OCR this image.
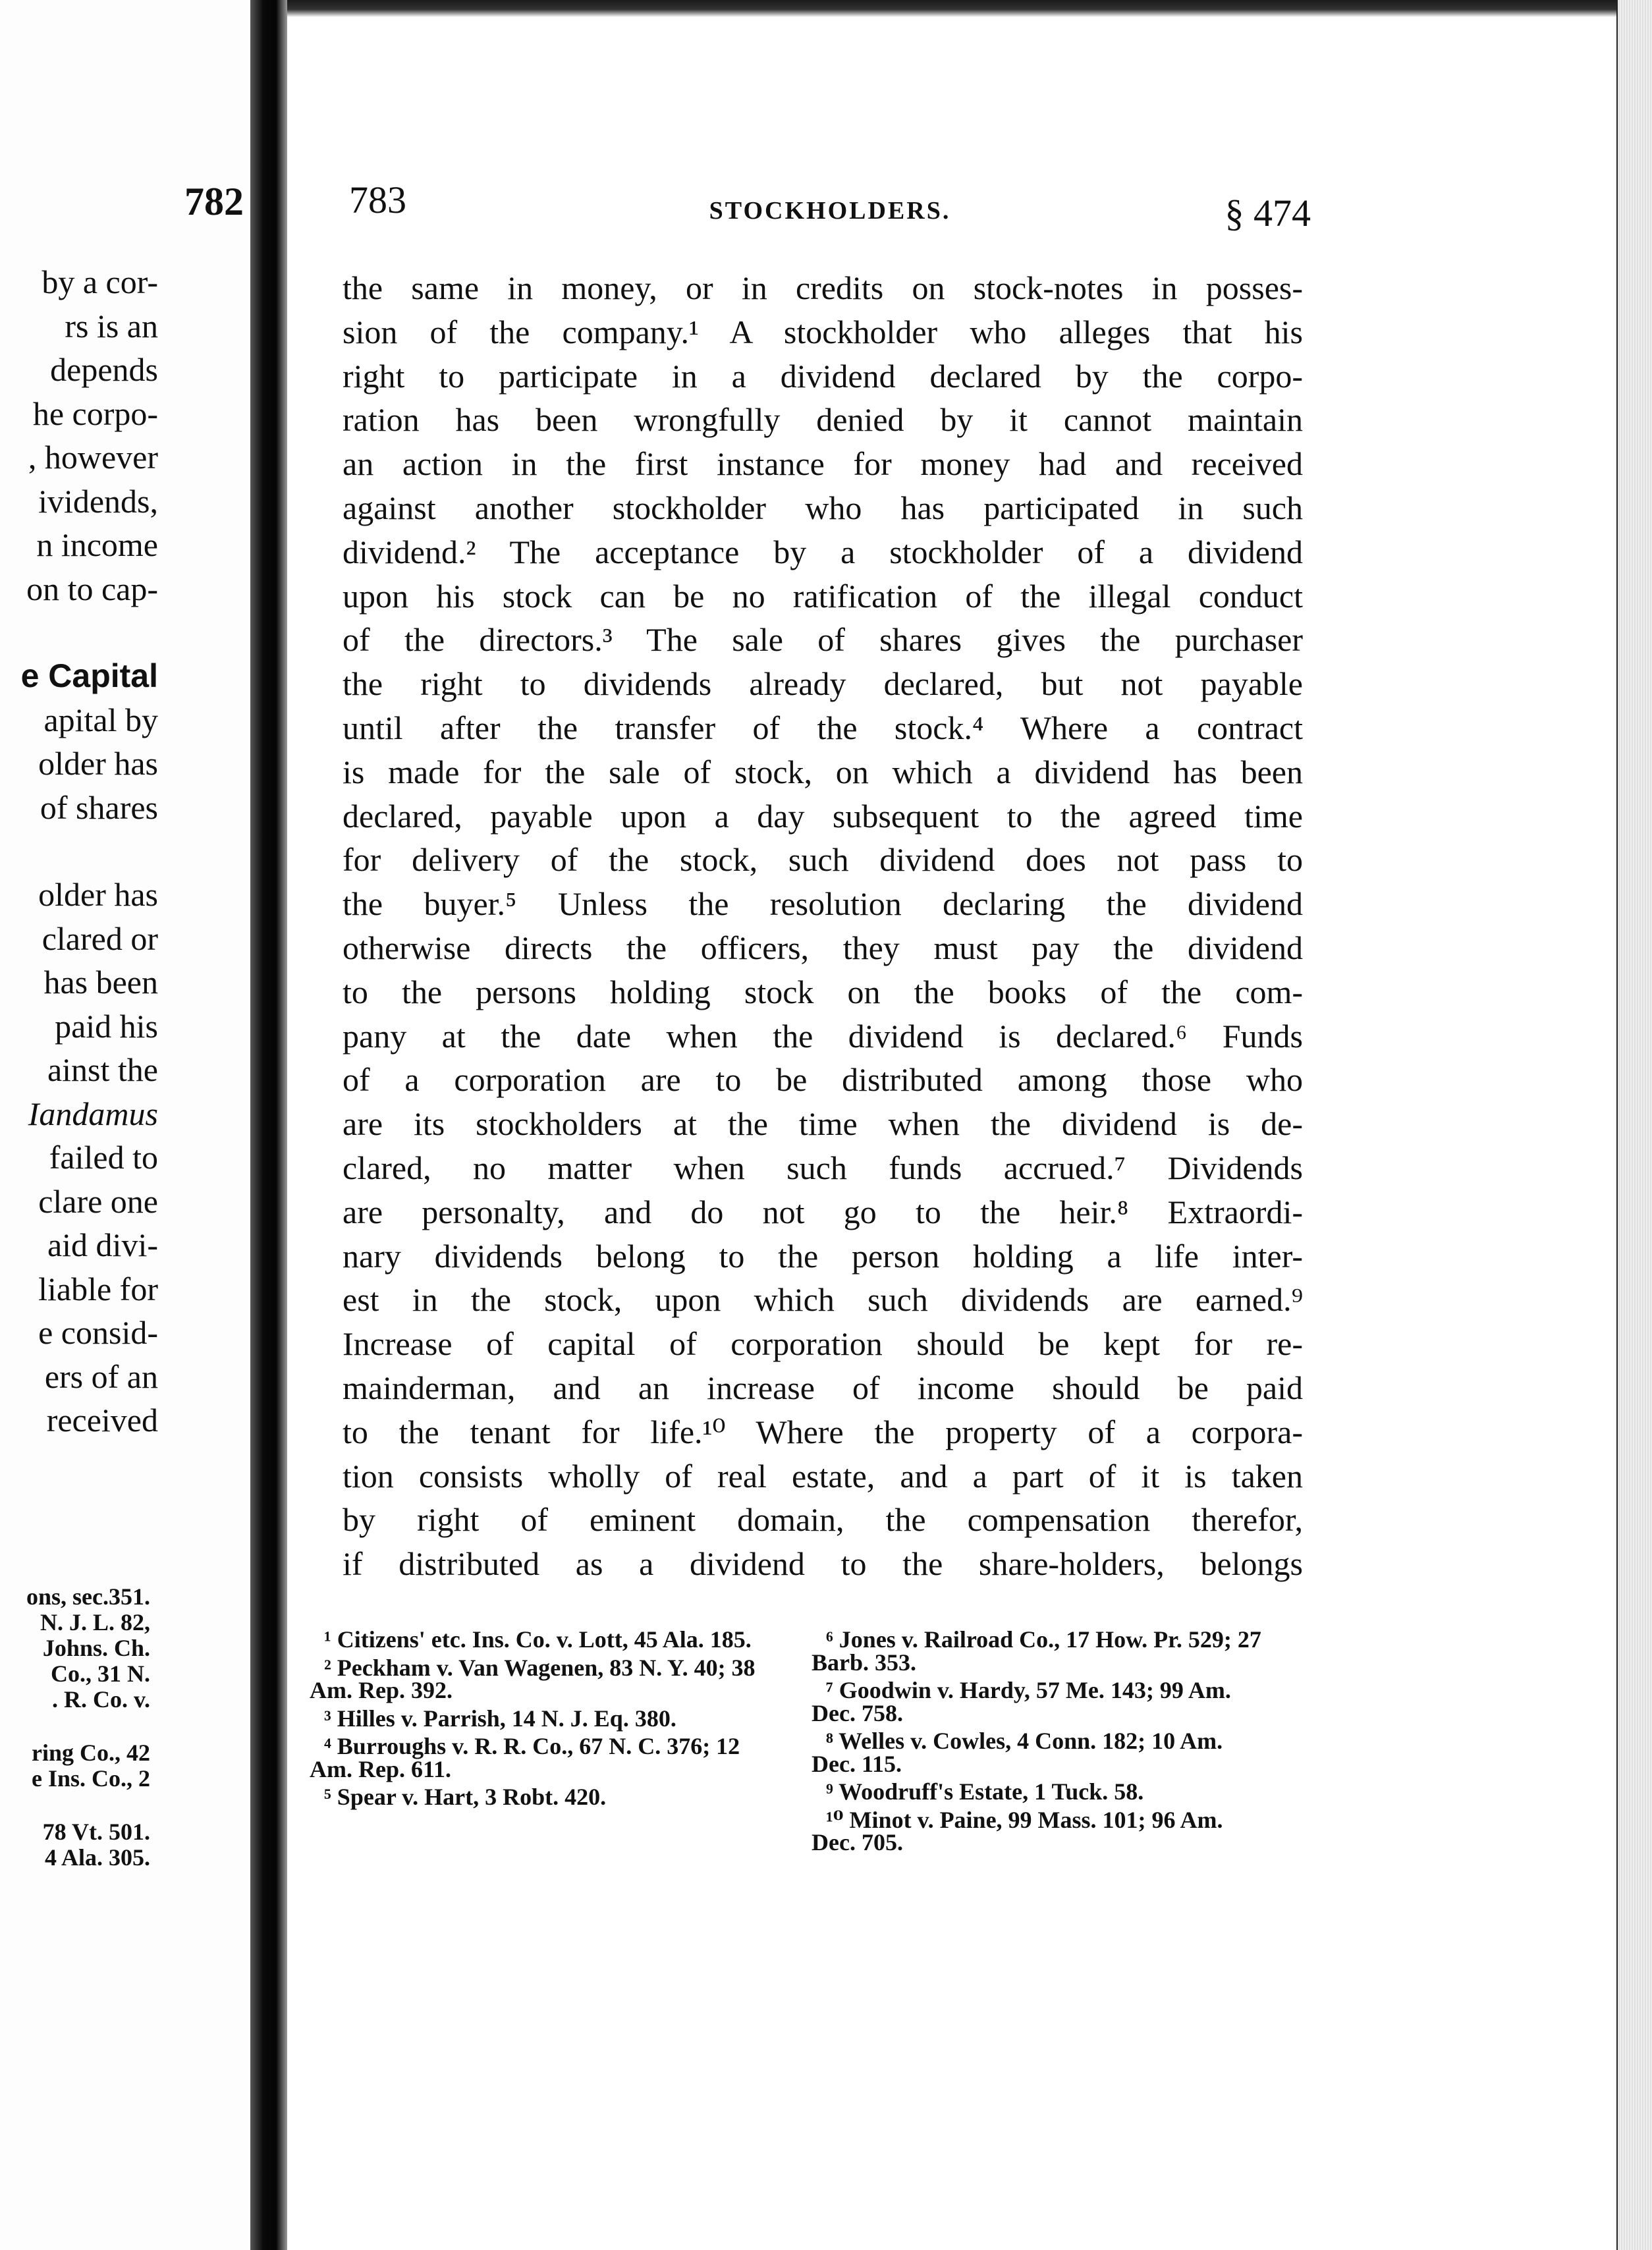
782
by a cor-
rs is an
depends
he corpo-
, however
ividends,
n income
on to cap-
e Capital
apital by
older has
of shares
older has
clared or
has been
paid his
ainst the
Iandamus
failed to
clare one
aid divi-
liable for
e consid-
ers of an
received
ons, sec.351.
N. J. L. 82,
Johns. Ch.
Co., 31 N.
. R. Co. v.
ring Co., 42
e Ins. Co., 2
78 Vt. 501.
4 Ala. 305.
783	STOCKHOLDERS.	§ 474
the same in money, or in credits on stock-notes in posses-
sion of the company.¹ A stockholder who alleges that his
right to participate in a dividend declared by the corpo-
ration has been wrongfully denied by it cannot maintain
an action in the first instance for money had and received
against another stockholder who has participated in such
dividend.² The acceptance by a stockholder of a dividend
upon his stock can be no ratification of the illegal conduct
of the directors.³ The sale of shares gives the purchaser
the right to dividends already declared, but not payable
until after the transfer of the stock.⁴ Where a contract
is made for the sale of stock, on which a dividend has been
declared, payable upon a day subsequent to the agreed time
for delivery of the stock, such dividend does not pass to
the buyer.⁵ Unless the resolution declaring the dividend
otherwise directs the officers, they must pay the dividend
to the persons holding stock on the books of the com-
pany at the date when the dividend is declared.⁶ Funds
of a corporation are to be distributed among those who
are its stockholders at the time when the dividend is de-
clared, no matter when such funds accrued.⁷ Dividends
are personalty, and do not go to the heir.⁸ Extraordi-
nary dividends belong to the person holding a life inter-
est in the stock, upon which such dividends are earned.⁹
Increase of capital of corporation should be kept for re-
mainderman, and an increase of income should be paid
to the tenant for life.¹⁰ Where the property of a corpora-
tion consists wholly of real estate, and a part of it is taken
by right of eminent domain, the compensation therefor,
if distributed as a dividend to the share-holders, belongs
¹ Citizens' etc. Ins. Co. v. Lott, 45 Ala. 185.
² Peckham v. Van Wagenen, 83 N. Y. 40; 38 Am. Rep. 392.
³ Hilles v. Parrish, 14 N. J. Eq. 380.
⁴ Burroughs v. R. R. Co., 67 N. C. 376; 12 Am. Rep. 611.
⁵ Spear v. Hart, 3 Robt. 420.
⁶ Jones v. Railroad Co., 17 How. Pr. 529; 27 Barb. 353.
⁷ Goodwin v. Hardy, 57 Me. 143; 99 Am. Dec. 758.
⁸ Welles v. Cowles, 4 Conn. 182; 10 Am. Dec. 115.
⁹ Woodruff's Estate, 1 Tuck. 58.
¹⁰ Minot v. Paine, 99 Mass. 101; 96 Am. Dec. 705.
